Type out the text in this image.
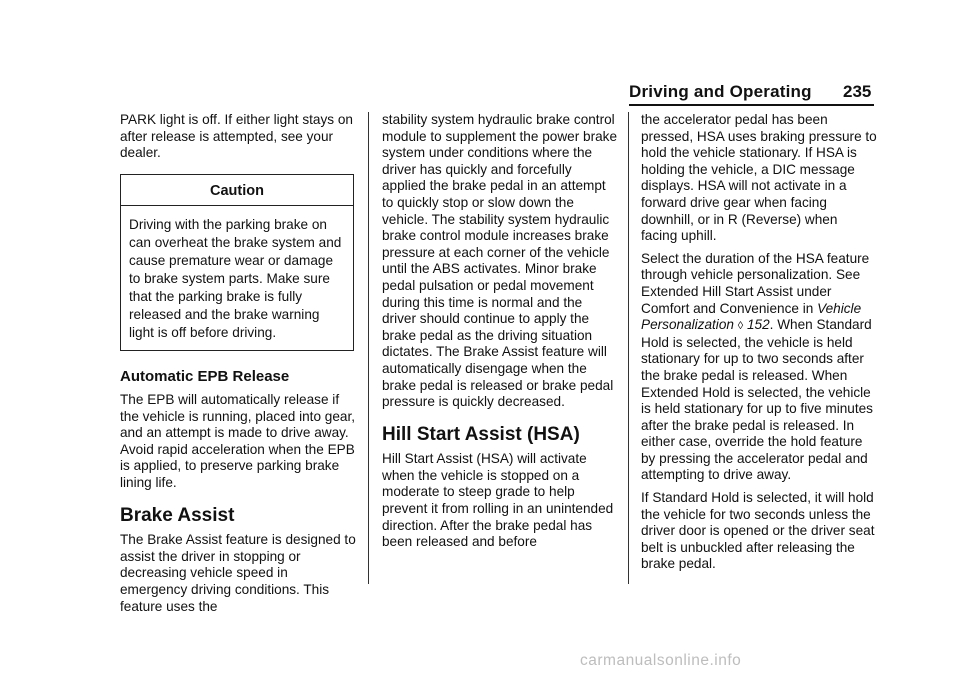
Driving and Operating 235

PARK light is off. If either light stays on after release is attempted, see your dealer.

Caution
Driving with the parking brake on can overheat the brake system and cause premature wear or damage to brake system parts. Make sure that the parking brake is fully released and the brake warning light is off before driving.
Automatic EPB Release

The EPB will automatically release if the vehicle is running, placed into gear, and an attempt is made to drive away. Avoid rapid acceleration when the EPB is applied, to preserve parking brake lining life.

Brake Assist

The Brake Assist feature is designed to assist the driver in stopping or decreasing vehicle speed in emergency driving conditions. This feature uses the

stability system hydraulic brake control module to supplement the power brake system under conditions where the driver has quickly and forcefully applied the brake pedal in an attempt to quickly stop or slow down the vehicle. The stability system hydraulic brake control module increases brake pressure at each corner of the vehicle until the ABS activates. Minor brake pedal pulsation or pedal movement during this time is normal and the driver should continue to apply the brake pedal as the driving situation dictates. The Brake Assist feature will automatically disengage when the brake pedal is released or brake pedal pressure is quickly decreased.

Hill Start Assist (HSA)

Hill Start Assist (HSA) will activate when the vehicle is stopped on a moderate to steep grade to help prevent it from rolling in an unintended direction. After the brake pedal has been released and before

the accelerator pedal has been pressed, HSA uses braking pressure to hold the vehicle stationary. If HSA is holding the vehicle, a DIC message displays. HSA will not activate in a forward drive gear when facing downhill, or in R (Reverse) when facing uphill.

Select the duration of the HSA feature through vehicle personalization. See Extended Hill Start Assist under Comfort and Convenience in Vehicle Personalization ◊ 152. When Standard Hold is selected, the vehicle is held stationary for up to two seconds after the brake pedal is released. When Extended Hold is selected, the vehicle is held stationary for up to five minutes after the brake pedal is released. In either case, override the hold feature by pressing the accelerator pedal and attempting to drive away.

If Standard Hold is selected, it will hold the vehicle for two seconds unless the driver door is opened or the driver seat belt is unbuckled after releasing the brake pedal.

carmanualsonline.info
